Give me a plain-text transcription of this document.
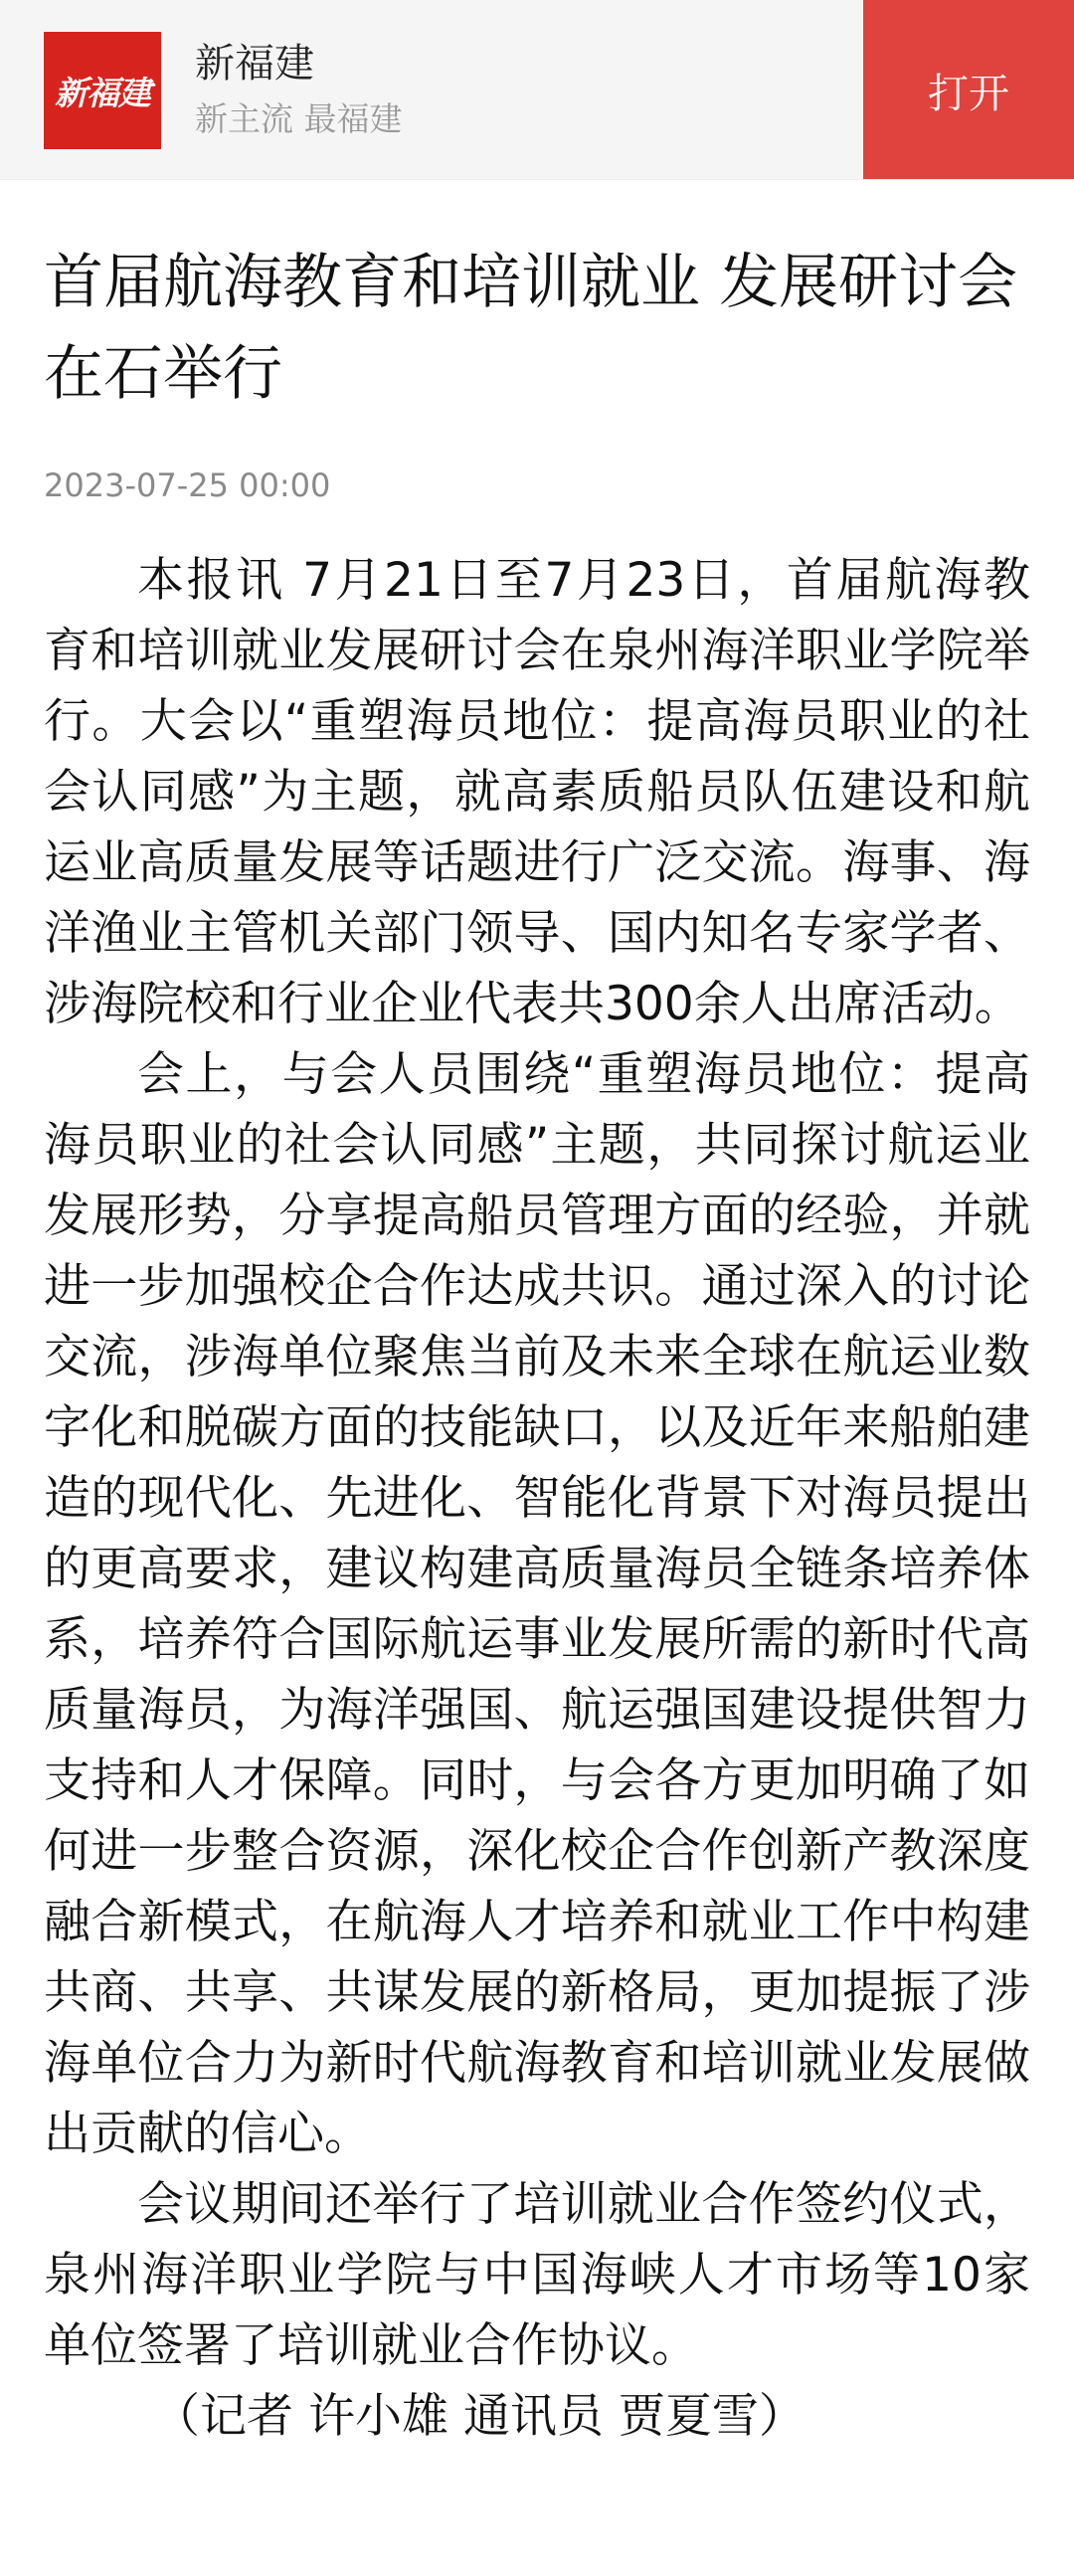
新福建
新福建
新主流 最福建
打开
首届航海教育和培训就业 发展研讨会在石举行
2023-07-25 00:00

本报讯 7月21日至7月23日，首届航海教育和培训就业发展研讨会在泉州海洋职业学院举行。大会以“重塑海员地位：提高海员职业的社会认同感”为主题，就高素质船员队伍建设和航运业高质量发展等话题进行广泛交流。海事、海洋渔业主管机关部门领导、国内知名专家学者、涉海院校和行业企业代表共300余人出席活动。

会上，与会人员围绕“重塑海员地位：提高海员职业的社会认同感”主题，共同探讨航运业发展形势，分享提高船员管理方面的经验，并就进一步加强校企合作达成共识。通过深入的讨论交流，涉海单位聚焦当前及未来全球在航运业数字化和脱碳方面的技能缺口，以及近年来船舶建造的现代化、先进化、智能化背景下对海员提出的更高要求，建议构建高质量海员全链条培养体系，培养符合国际航运事业发展所需的新时代高质量海员，为海洋强国、航运强国建设提供智力支持和人才保障。同时，与会各方更加明确了如何进一步整合资源，深化校企合作创新产教深度融合新模式，在航海人才培养和就业工作中构建共商、共享、共谋发展的新格局，更加提振了涉海单位合力为新时代航海教育和培训就业发展做出贡献的信心。

会议期间还举行了培训就业合作签约仪式，泉州海洋职业学院与中国海峡人才市场等10家单位签署了培训就业合作协议。

（记者 许小雄 通讯员 贾夏雪）
